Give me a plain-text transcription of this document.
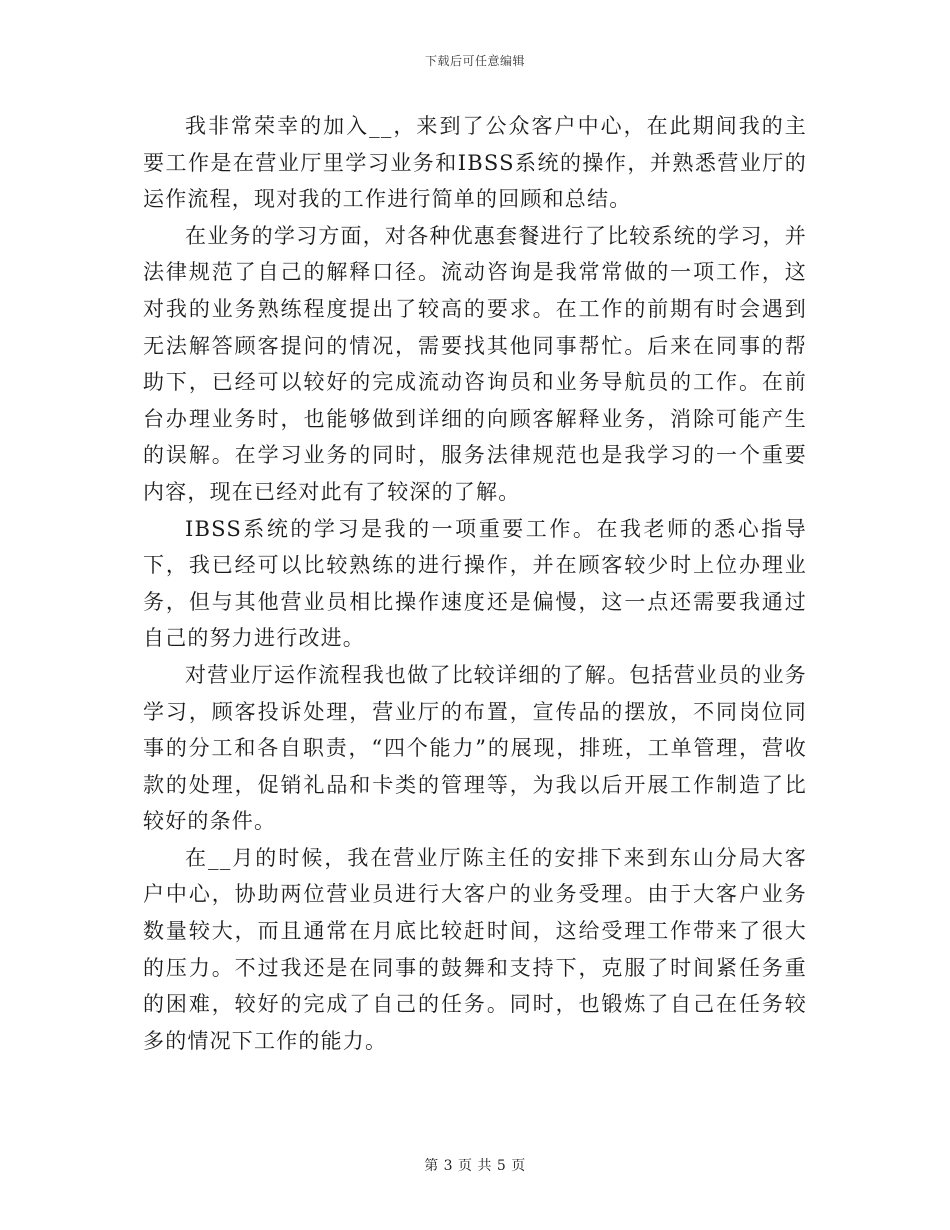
下载后可任意编辑

我非常荣幸的加入__，来到了公众客户中心，在此期间我的主要工作是在营业厅里学习业务和IBSS系统的操作，并熟悉营业厅的运作流程，现对我的工作进行简单的回顾和总结。

在业务的学习方面，对各种优惠套餐进行了比较系统的学习，并法律规范了自己的解释口径。流动咨询是我常常做的一项工作，这对我的业务熟练程度提出了较高的要求。在工作的前期有时会遇到无法解答顾客提问的情况，需要找其他同事帮忙。后来在同事的帮助下，已经可以较好的完成流动咨询员和业务导航员的工作。在前台办理业务时，也能够做到详细的向顾客解释业务，消除可能产生的误解。在学习业务的同时，服务法律规范也是我学习的一个重要内容，现在已经对此有了较深的了解。

IBSS系统的学习是我的一项重要工作。在我老师的悉心指导下，我已经可以比较熟练的进行操作，并在顾客较少时上位办理业务，但与其他营业员相比操作速度还是偏慢，这一点还需要我通过自己的努力进行改进。

对营业厅运作流程我也做了比较详细的了解。包括营业员的业务学习，顾客投诉处理，营业厅的布置，宣传品的摆放，不同岗位同事的分工和各自职责，“四个能力”的展现，排班，工单管理，营收款的处理，促销礼品和卡类的管理等，为我以后开展工作制造了比较好的条件。

在__月的时候，我在营业厅陈主任的安排下来到东山分局大客户中心，协助两位营业员进行大客户的业务受理。由于大客户业务数量较大，而且通常在月底比较赶时间，这给受理工作带来了很大的压力。不过我还是在同事的鼓舞和支持下，克服了时间紧任务重的困难，较好的完成了自己的任务。同时，也锻炼了自己在任务较多的情况下工作的能力。

第 3 页 共 5 页
